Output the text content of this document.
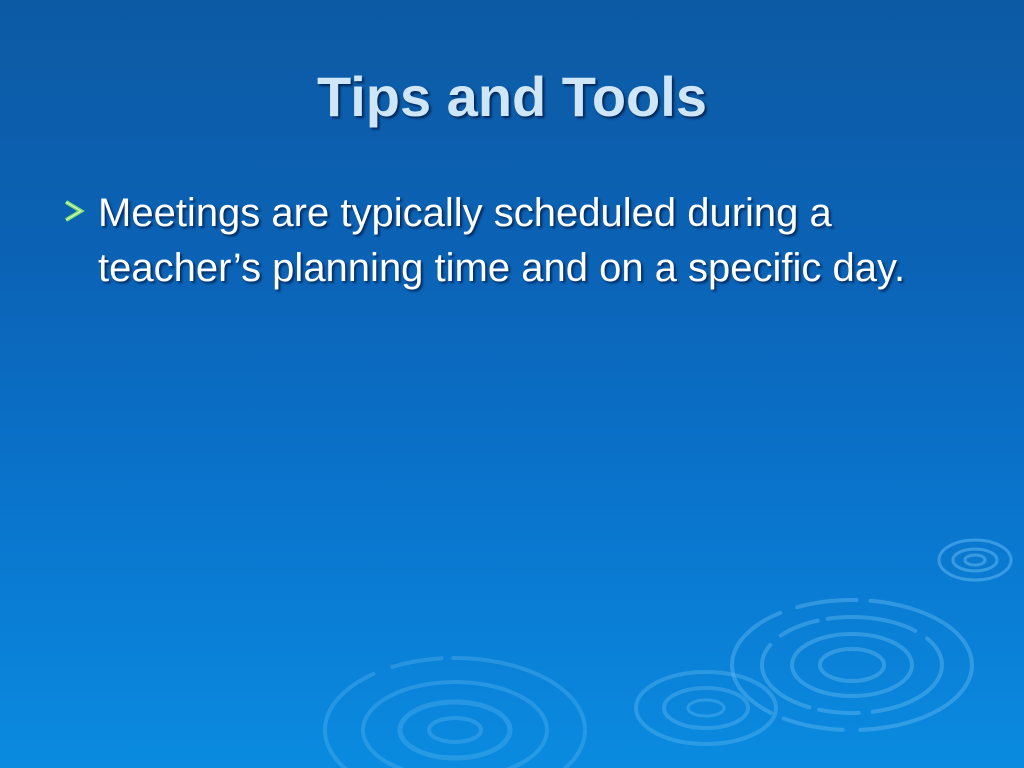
Tips and Tools
Meetings are typically scheduled during a teacher’s planning time and on a specific day.
